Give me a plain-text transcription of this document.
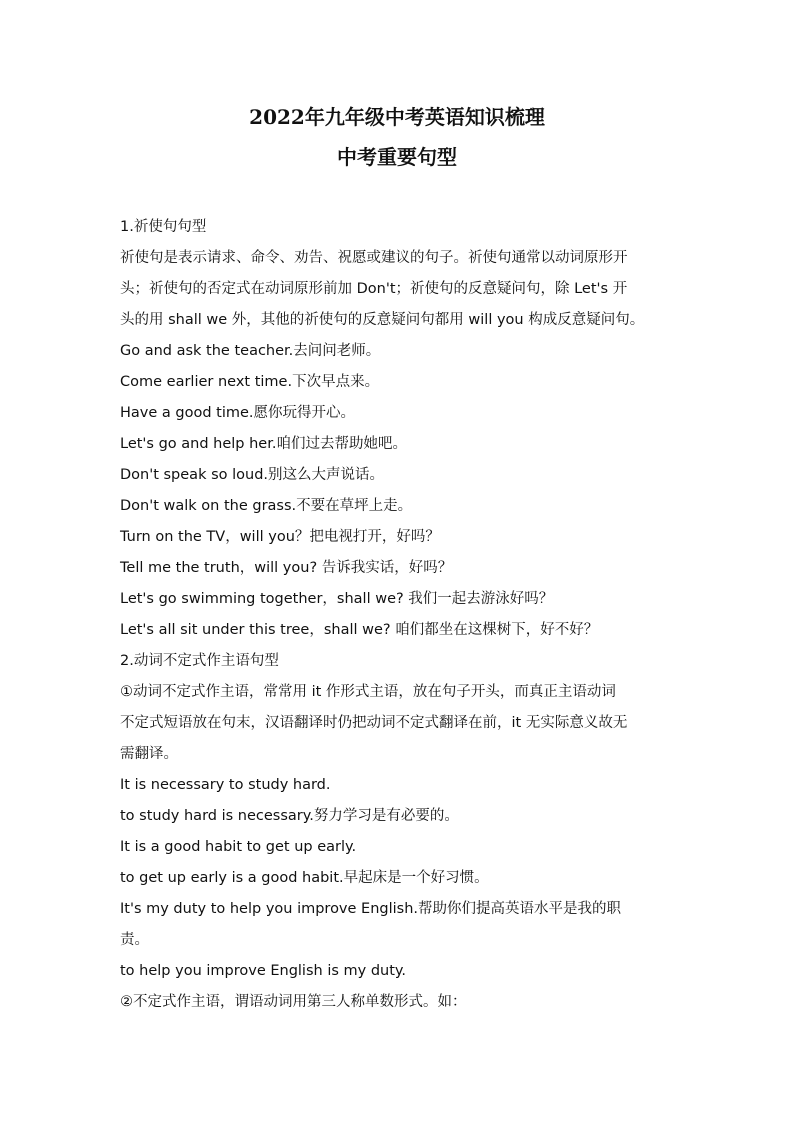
2022年九年级中考英语知识梳理
中考重要句型
1.祈使句句型
祈使句是表示请求、命令、劝告、祝愿或建议的句子。祈使句通常以动词原形开
头；祈使句的否定式在动词原形前加 Don't；祈使句的反意疑问句，除 Let's 开
头的用 shall we 外，其他的祈使句的反意疑问句都用 will you 构成反意疑问句。
Go and ask the teacher.去问问老师。
Come earlier next time.下次早点来。
Have a good time.愿你玩得开心。
Let's go and help her.咱们过去帮助她吧。
Don't speak so loud.别这么大声说话。
Don't walk on the grass.不要在草坪上走。
Turn on the TV，will you？把电视打开，好吗？
Tell me the truth，will you? 告诉我实话，好吗？
Let's go swimming together，shall we? 我们一起去游泳好吗？
Let's all sit under this tree，shall we? 咱们都坐在这棵树下，好不好？
2.动词不定式作主语句型
①动词不定式作主语，常常用 it 作形式主语，放在句子开头，而真正主语动词
不定式短语放在句末，汉语翻译时仍把动词不定式翻译在前，it 无实际意义故无
需翻译。
It is necessary to study hard.
to study hard is necessary.努力学习是有必要的。
It is a good habit to get up early.
to get up early is a good habit.早起床是一个好习惯。
It's my duty to help you improve English.帮助你们提高英语水平是我的职
责。
to help you improve English is my duty.
②不定式作主语，谓语动词用第三人称单数形式。如：
